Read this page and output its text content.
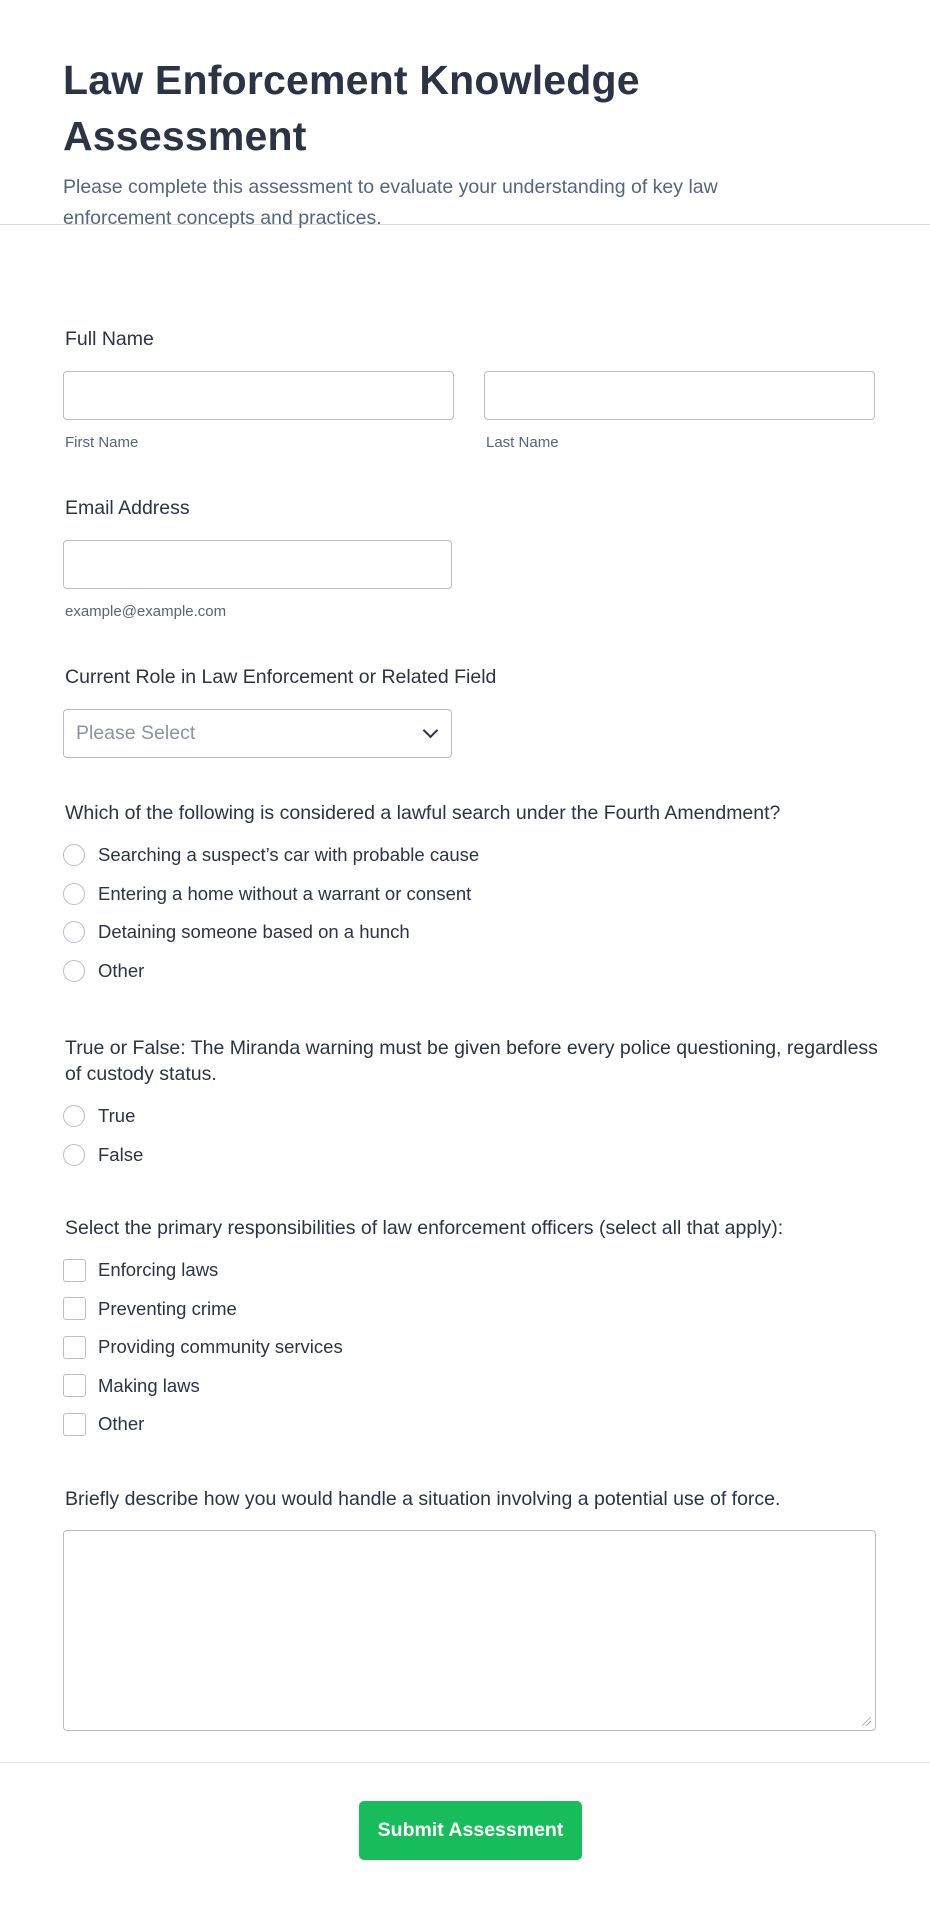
Law Enforcement Knowledge Assessment

Please complete this assessment to evaluate your understanding of key law enforcement concepts and practices.

Full Name
First Name	Last Name
Email Address
example@example.com
Current Role in Law Enforcement or Related Field
Please Select
Which of the following is considered a lawful search under the Fourth Amendment?
Searching a suspect’s car with probable cause
Entering a home without a warrant or consent
Detaining someone based on a hunch
Other
True or False: The Miranda warning must be given before every police questioning, regardless of custody status.
True
False
Select the primary responsibilities of law enforcement officers (select all that apply):
Enforcing laws
Preventing crime
Providing community services
Making laws
Other
Briefly describe how you would handle a situation involving a potential use of force.
Submit Assessment
